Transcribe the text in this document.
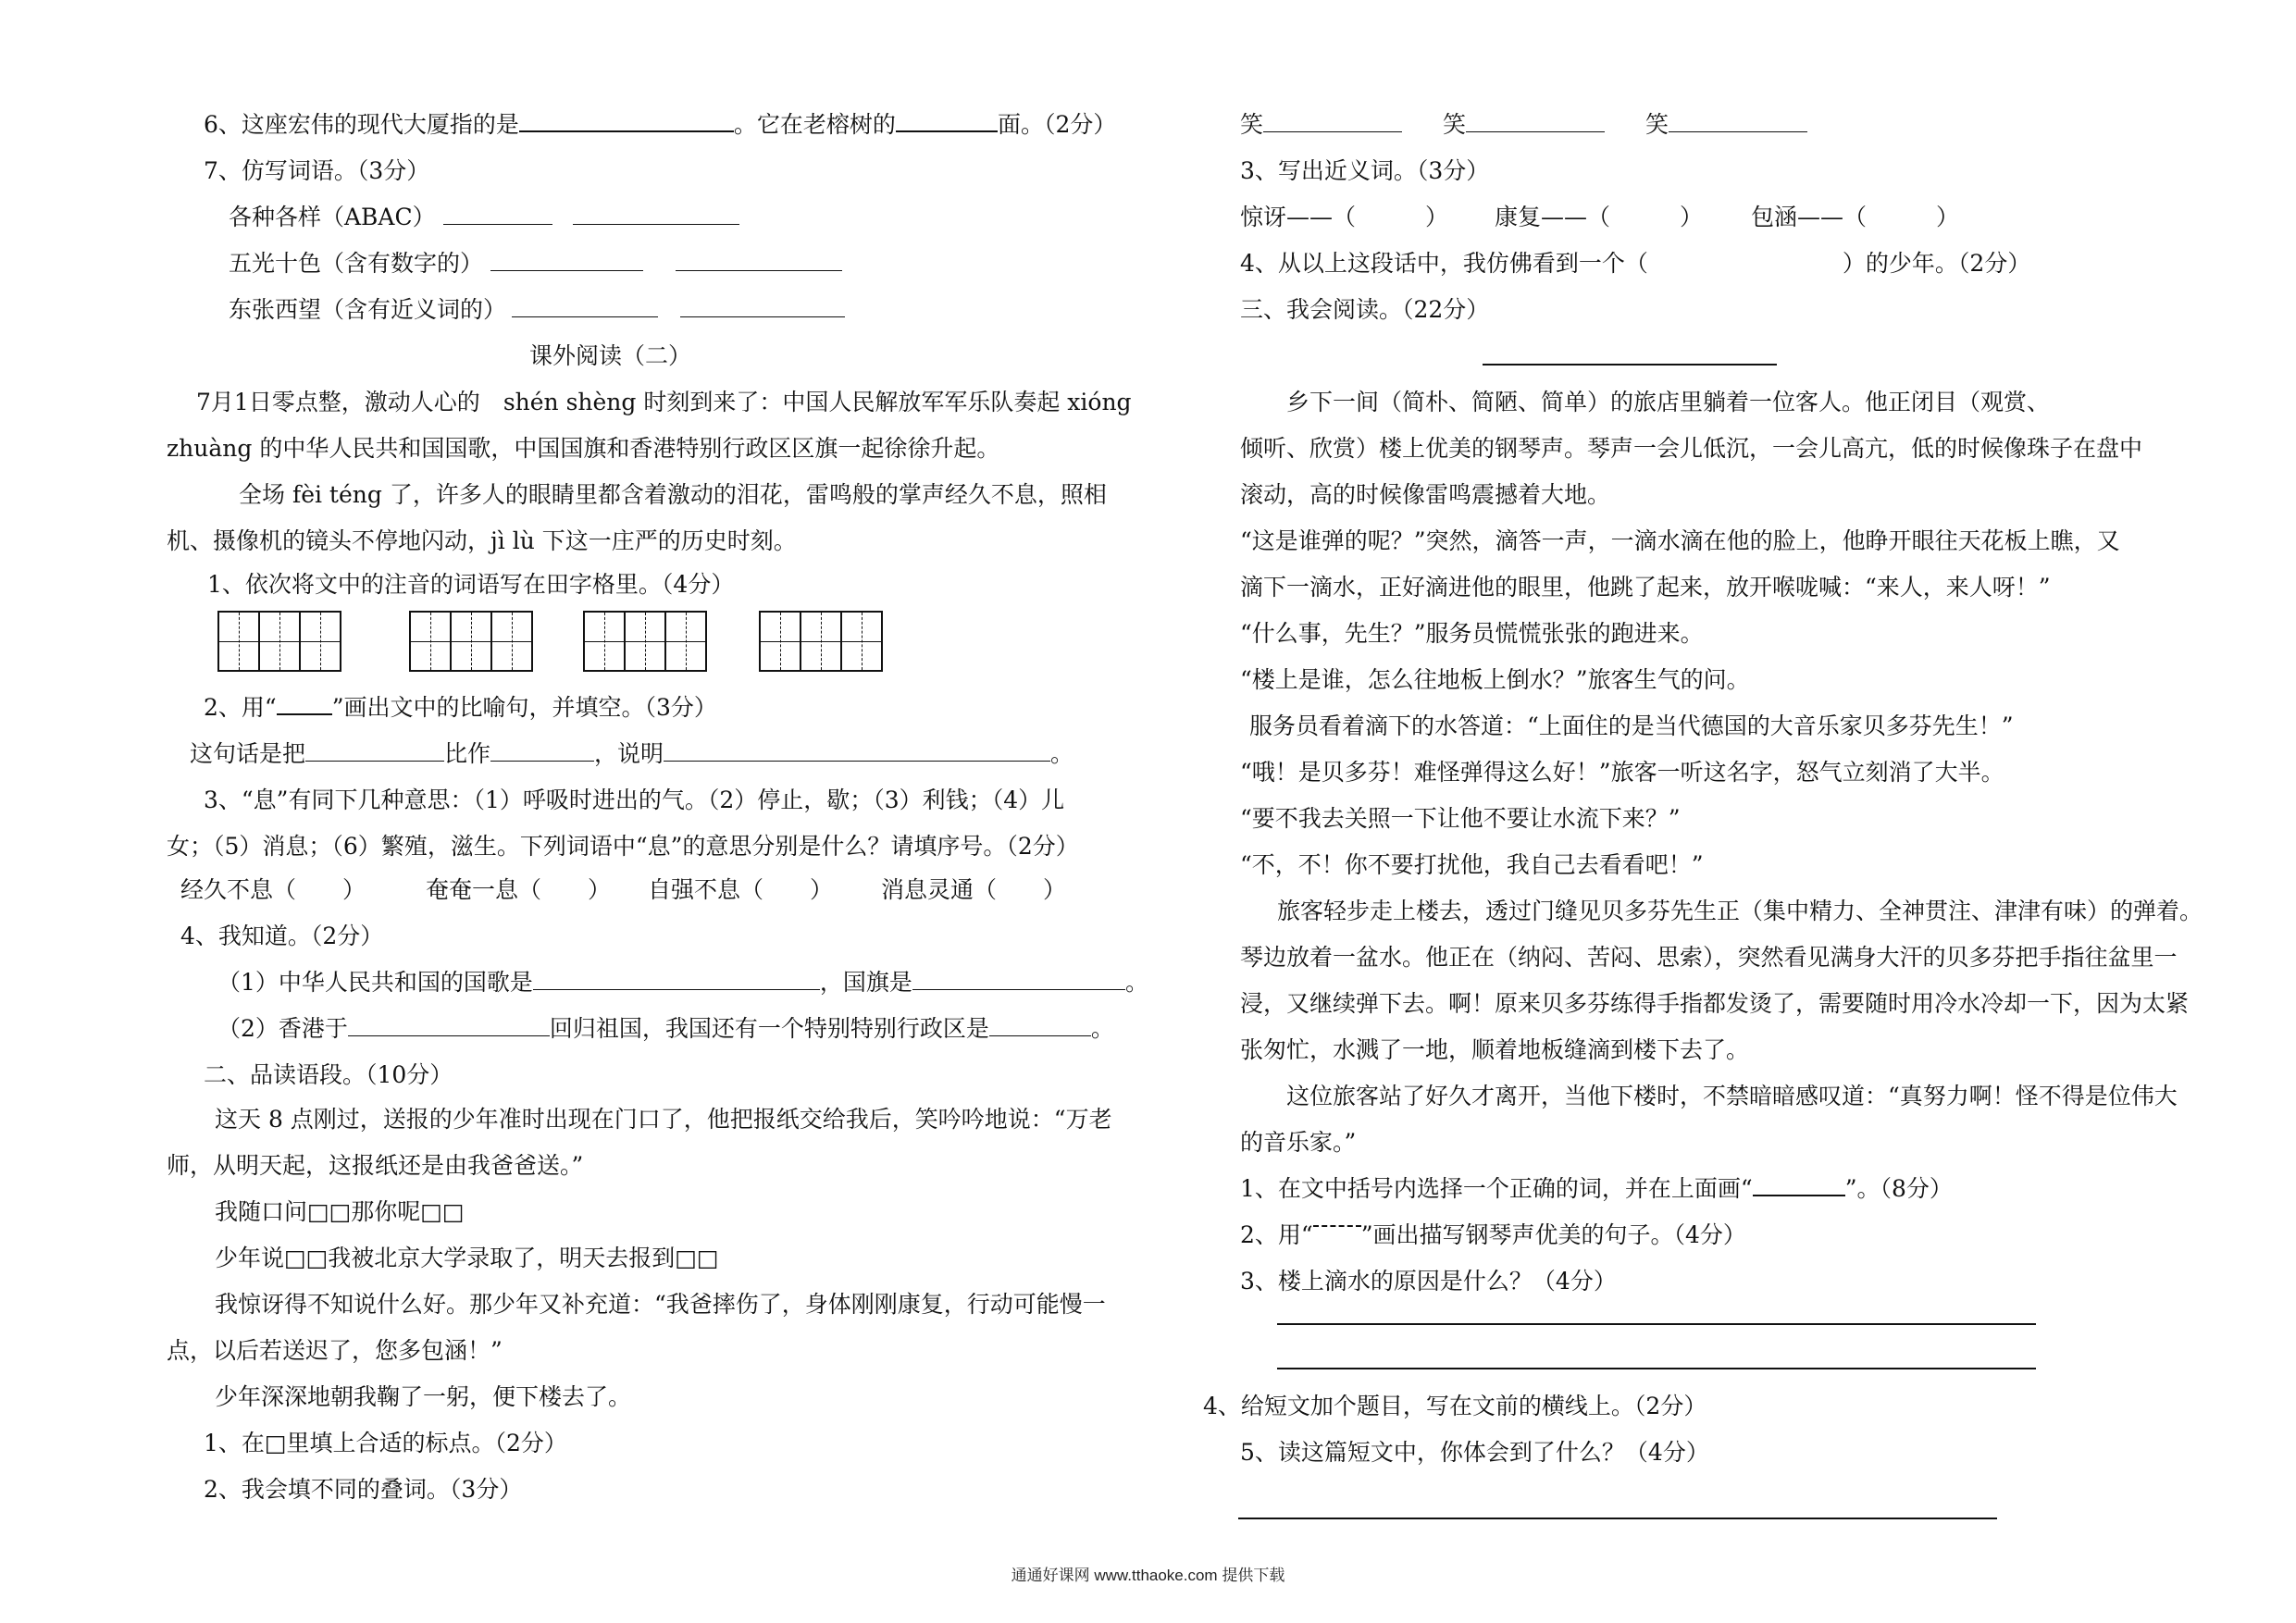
6、这座宏伟的现代大厦指的是	。它在老榕树的	面。（2分）
7、仿写词语。（3分）
各种各样（ABAC）
五光十色（含有数字的）
东张西望（含有近义词的）
课外阅读（二）
7月1日零点整，激动人心的　shén shèng 时刻到来了：中国人民解放军军乐队奏起 xióng
zhuàng 的中华人民共和国国歌，中国国旗和香港特别行政区区旗一起徐徐升起。
全场 fèi téng 了，许多人的眼睛里都含着激动的泪花，雷鸣般的掌声经久不息，照相
机、摄像机的镜头不停地闪动，jì lù 下这一庄严的历史时刻。
1、依次将文中的注音的词语写在田字格里。（4分）
2、用“ ”画出文中的比喻句，并填空。（3分）
这句话是把	比作	，说明	。
3、“息”有同下几种意思：（1）呼吸时进出的气。（2）停止，歇；（3）利钱；（4）儿
女；（5）消息；（6）繁殖，滋生。下列词语中“息”的意思分别是什么？请填序号。（2分）
经久不息（　　）	奄奄一息（　　） 自强不息（　　） 消息灵通（　　）
4、我知道。（2分）
（1）中华人民共和国的国歌是	，国旗是	。
（2）香港于	回归祖国，我国还有一个特别特别行政区是	。
二、品读语段。（10分）
这天 8 点刚过，送报的少年准时出现在门口了，他把报纸交给我后，笑吟吟地说：“万老
师，从明天起，这报纸还是由我爸爸送。”
我随口问□□那你呢□□
少年说□□我被北京大学录取了，明天去报到□□
我惊讶得不知说什么好。那少年又补充道：“我爸摔伤了，身体刚刚康复，行动可能慢一
点，以后若送迟了，您多包涵！”
少年深深地朝我鞠了一躬，便下楼去了。
1、在□里填上合适的标点。（2分）
2、我会填不同的叠词。（3分）
笑	笑	笑
3、写出近义词。（3分）
惊讶——（　　　） 康复——（　　　） 包涵——（　　　）
4、从以上这段话中，我仿佛看到一个（	）的少年。（2分）
三、我会阅读。（22分）
乡下一间（简朴、简陋、简单）的旅店里躺着一位客人。他正闭目（观赏、
倾听、欣赏）楼上优美的钢琴声。琴声一会儿低沉，一会儿高亢，低的时候像珠子在盘中
滚动，高的时候像雷鸣震撼着大地。
“这是谁弹的呢？”突然，滴答一声，一滴水滴在他的脸上，他睁开眼往天花板上瞧，又
滴下一滴水，正好滴进他的眼里，他跳了起来，放开喉咙喊：“来人，来人呀！”
“什么事，先生？”服务员慌慌张张的跑进来。
“楼上是谁，怎么往地板上倒水？”旅客生气的问。
服务员看着滴下的水答道：“上面住的是当代德国的大音乐家贝多芬先生！”
“哦！是贝多芬！难怪弹得这么好！”旅客一听这名字，怒气立刻消了大半。
“要不我去关照一下让他不要让水流下来？”
“不，不！你不要打扰他，我自己去看看吧！”
旅客轻步走上楼去，透过门缝见贝多芬先生正（集中精力、全神贯注、津津有味）的弹着。
琴边放着一盆水。他正在（纳闷、苦闷、思索），突然看见满身大汗的贝多芬把手指往盆里一
浸，又继续弹下去。啊！原来贝多芬练得手指都发烫了，需要随时用冷水冷却一下，因为太紧
张匆忙，水溅了一地，顺着地板缝滴到楼下去了。
这位旅客站了好久才离开，当他下楼时，不禁暗暗感叹道：“真努力啊！怪不得是位伟大
的音乐家。”
1、在文中括号内选择一个正确的词，并在上面画“	”。（8分）
2、用“ ”画出描写钢琴声优美的句子。（4分）
3、楼上滴水的原因是什么？（4分）
4、给短文加个题目，写在文前的横线上。（2分）
5、读这篇短文中，你体会到了什么？（4分）
通通好课网 www.tthaoke.com 提供下载
